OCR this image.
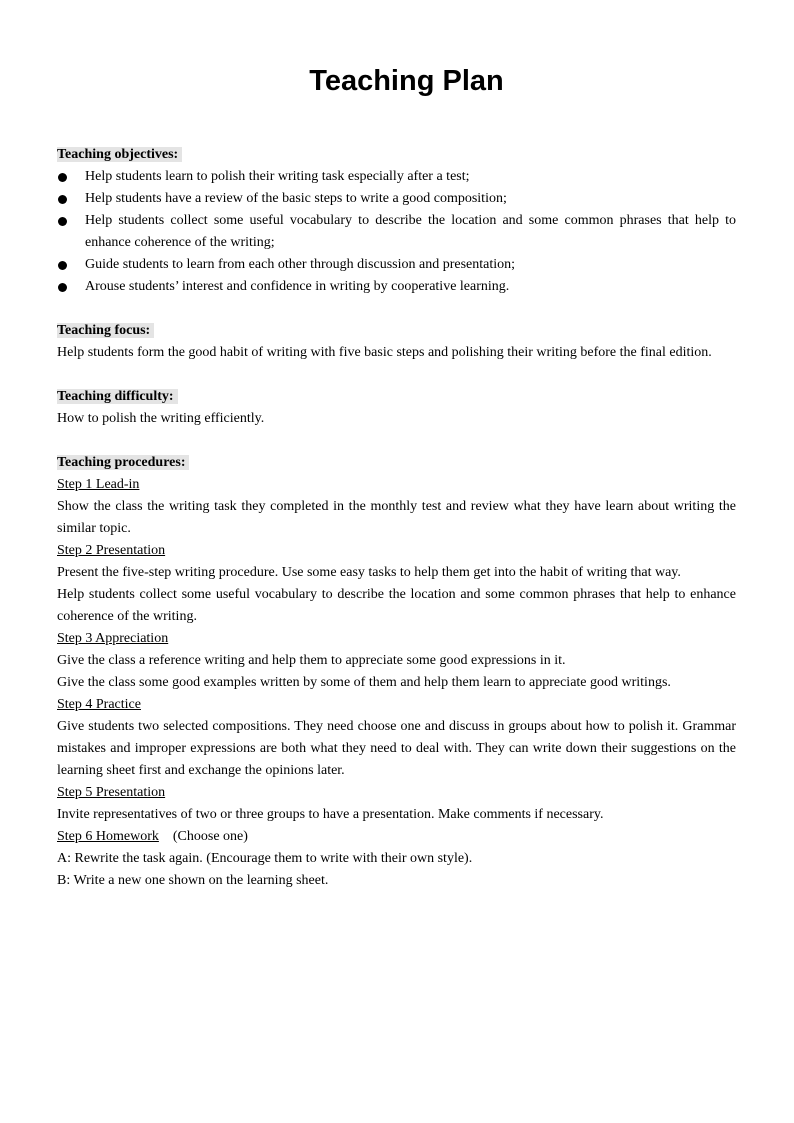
Teaching Plan

Teaching objectives:

Help students learn to polish their writing task especially after a test;
Help students have a review of the basic steps to write a good composition;
Help students collect some useful vocabulary to describe the location and some common phrases that help to enhance coherence of the writing;
Guide students to learn from each other through discussion and presentation;
Arouse students’ interest and confidence in writing by cooperative learning.

Teaching focus:

Help students form the good habit of writing with five basic steps and polishing their writing before the final edition.

Teaching difficulty:

How to polish the writing efficiently.

Teaching procedures:

Step 1 Lead-in

Show the class the writing task they completed in the monthly test and review what they have learn about writing the similar topic.

Step 2 Presentation

Present the five-step writing procedure. Use some easy tasks to help them get into the habit of writing that way.

Help students collect some useful vocabulary to describe the location and some common phrases that help to enhance coherence of the writing.

Step 3 Appreciation

Give the class a reference writing and help them to appreciate some good expressions in it.

Give the class some good examples written by some of them and help them learn to appreciate good writings.

Step 4 Practice

Give students two selected compositions. They need choose one and discuss in groups about how to polish it. Grammar mistakes and improper expressions are both what they need to deal with. They can write down their suggestions on the learning sheet first and exchange the opinions later.

Step 5 Presentation

Invite representatives of two or three groups to have a presentation. Make comments if necessary.

Step 6 Homework (Choose one)

A: Rewrite the task again. (Encourage them to write with their own style).

B: Write a new one shown on the learning sheet.
